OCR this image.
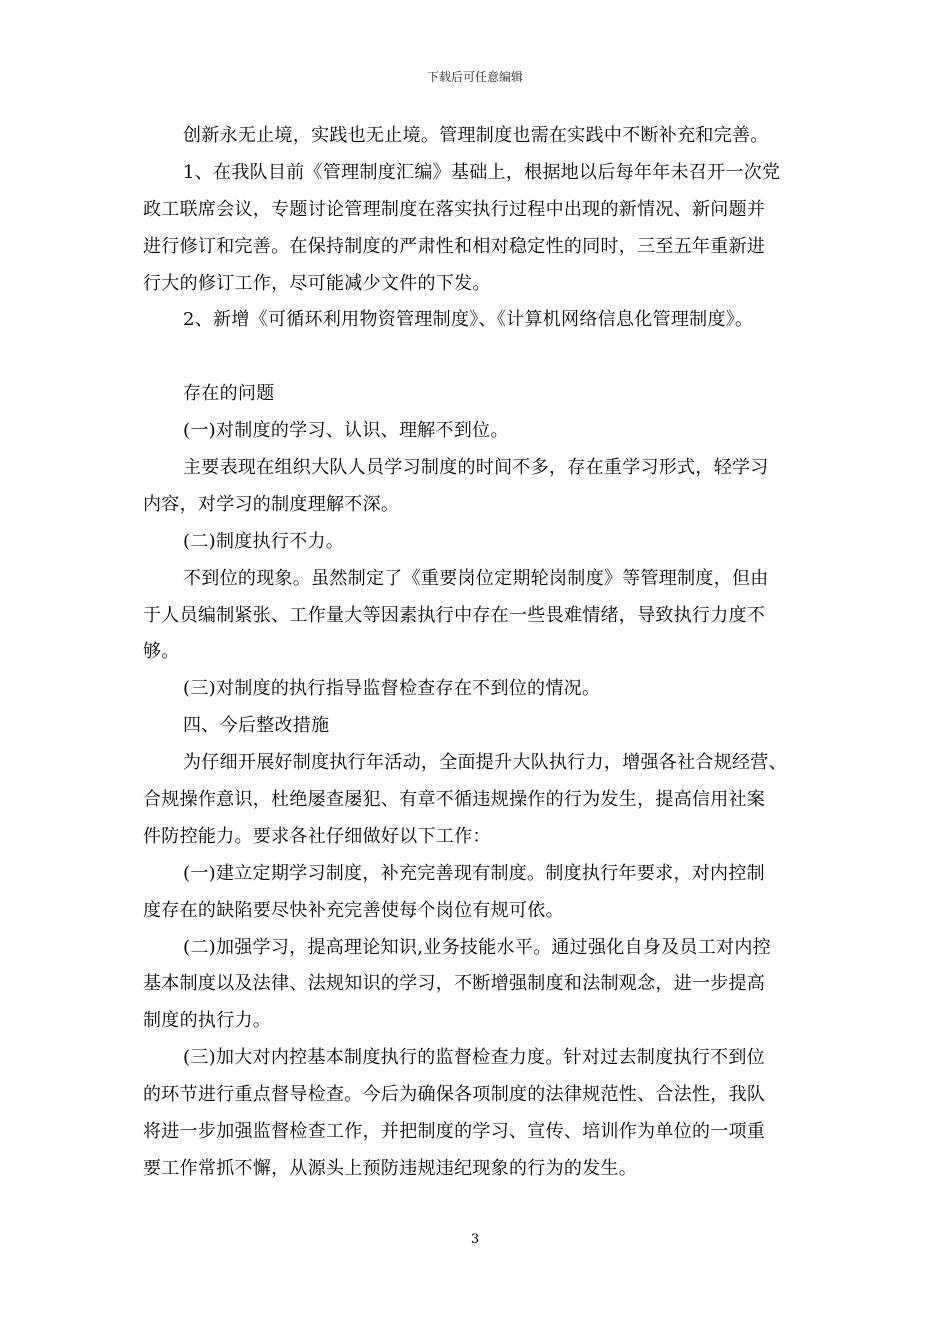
下载后可任意编辑
创新永无止境，实践也无止境。管理制度也需在实践中不断补充和完善。
1、在我队目前《管理制度汇编》基础上，根据地以后每年年未召开一次党
政工联席会议，专题讨论管理制度在落实执行过程中出现的新情况、新问题并
进行修订和完善。在保持制度的严肃性和相对稳定性的同时，三至五年重新进
行大的修订工作，尽可能减少文件的下发。
2、新增《可循环利用物资管理制度》、《计算机网络信息化管理制度》。
存在的问题
(一)对制度的学习、认识、理解不到位。
主要表现在组织大队人员学习制度的时间不多，存在重学习形式，轻学习
内容，对学习的制度理解不深。
(二)制度执行不力。
不到位的现象。虽然制定了《重要岗位定期轮岗制度》等管理制度，但由
于人员编制紧张、工作量大等因素执行中存在一些畏难情绪，导致执行力度不
够。
(三)对制度的执行指导监督检查存在不到位的情况。
四、今后整改措施
为仔细开展好制度执行年活动，全面提升大队执行力，增强各社合规经营、
合规操作意识，杜绝屡查屡犯、有章不循违规操作的行为发生，提高信用社案
件防控能力。要求各社仔细做好以下工作：
(一)建立定期学习制度，补充完善现有制度。制度执行年要求，对内控制
度存在的缺陷要尽快补充完善使每个岗位有规可依。
(二)加强学习，提高理论知识,业务技能水平。通过强化自身及员工对内控
基本制度以及法律、法规知识的学习，不断增强制度和法制观念，进一步提高
制度的执行力。
(三)加大对内控基本制度执行的监督检查力度。针对过去制度执行不到位
的环节进行重点督导检查。今后为确保各项制度的法律规范性、合法性，我队
将进一步加强监督检查工作，并把制度的学习、宣传、培训作为单位的一项重
要工作常抓不懈，从源头上预防违规违纪现象的行为的发生。
3
